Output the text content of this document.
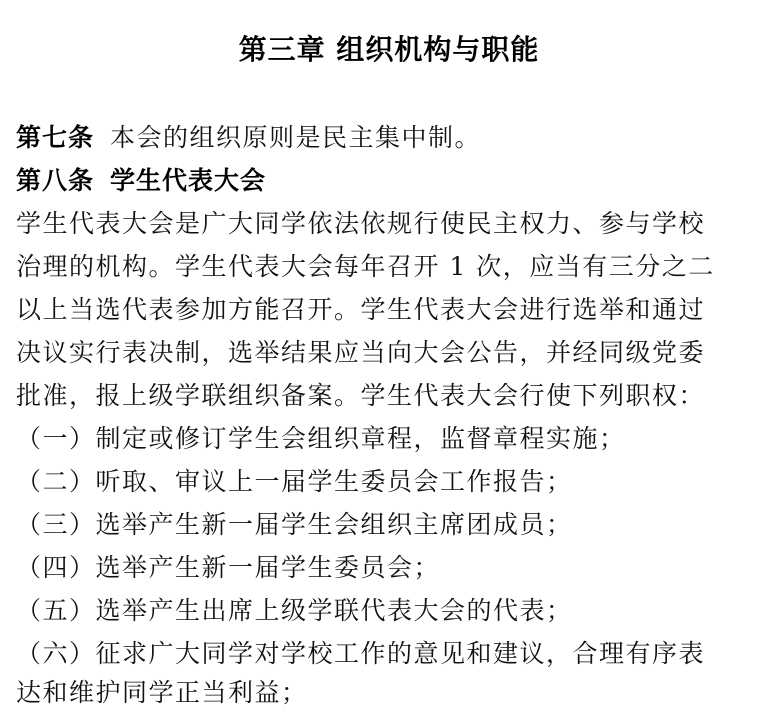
第三章 组织机构与职能
第七条 本会的组织原则是民主集中制。
第八条 学生代表大会
学生代表大会是广大同学依法依规行使民主权力、参与学校
治理的机构。学生代表大会每年召开 1 次，应当有三分之二
以上当选代表参加方能召开。学生代表大会进行选举和通过
决议实行表决制，选举结果应当向大会公告，并经同级党委
批准，报上级学联组织备案。学生代表大会行使下列职权：
（一）制定或修订学生会组织章程，监督章程实施；
（二）听取、审议上一届学生委员会工作报告；
（三）选举产生新一届学生会组织主席团成员；
（四）选举产生新一届学生委员会；
（五）选举产生出席上级学联代表大会的代表；
（六）征求广大同学对学校工作的意见和建议，合理有序表
达和维护同学正当利益；
